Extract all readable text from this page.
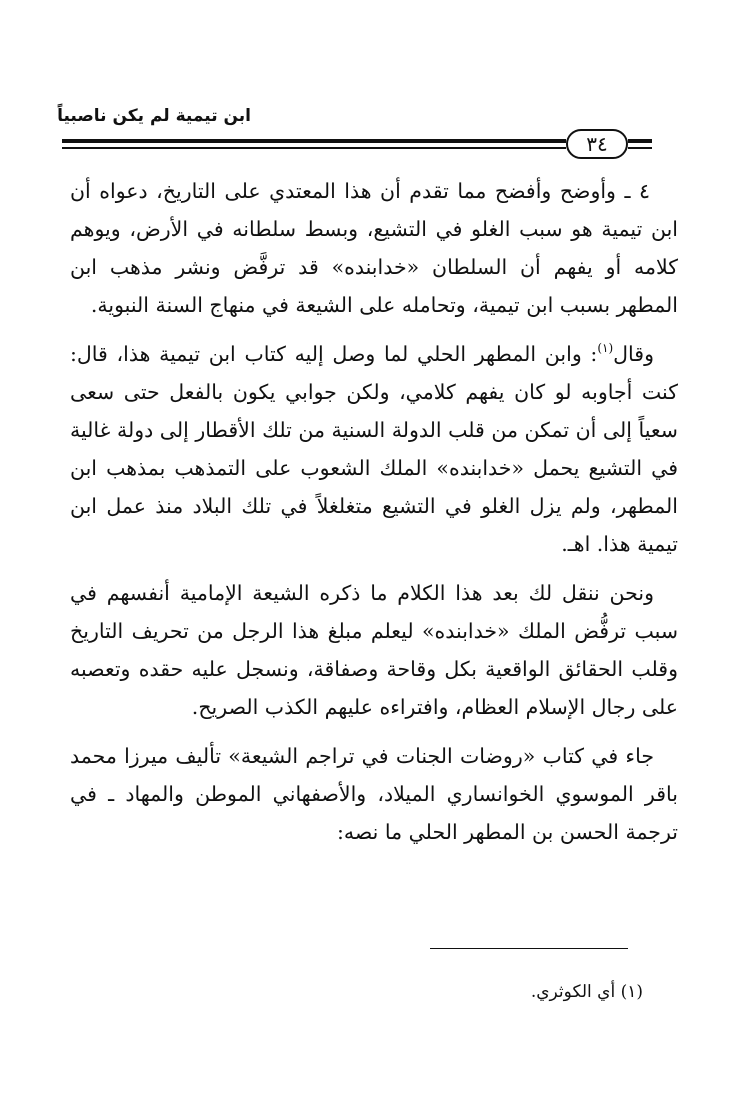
ابن تيمية لم يكن ناصبياً
٣٤

٤ ـ وأوضح وأفضح مما تقدم أن هذا المعتدي على التاريخ، دعواه أن ابن تيمية هو سبب الغلو في التشيع، وبسط سلطانه في الأرض، ويوهم كلامه أو يفهم أن السلطان «خدابنده» قد ترفَّض ونشر مذهب ابن المطهر بسبب ابن تيمية، وتحامله على الشيعة في منهاج السنة النبوية.

وقال$^{(١)}$: وابن المطهر الحلي لما وصل إليه كتاب ابن تيمية هذا، قال: كنت أجاوبه لو كان يفهم كلامي، ولكن جوابي يكون بالفعل حتى سعى سعياً إلى أن تمكن من قلب الدولة السنية من تلك الأقطار إلى دولة غالية في التشيع يحمل «خدابنده» الملك الشعوب على التمذهب بمذهب ابن المطهر، ولم يزل الغلو في التشيع متغلغلاً في تلك البلاد منذ عمل ابن تيمية هذا. اهـ.

ونحن ننقل لك بعد هذا الكلام ما ذكره الشيعة الإمامية أنفسهم في سبب ترفُّض الملك «خدابنده» ليعلم مبلغ هذا الرجل من تحريف التاريخ وقلب الحقائق الواقعية بكل وقاحة وصفاقة، ونسجل عليه حقده وتعصبه على رجال الإسلام العظام، وافتراءه عليهم الكذب الصريح.

جاء في كتاب «روضات الجنات في تراجم الشيعة» تأليف ميرزا محمد باقر الموسوي الخوانساري الميلاد، والأصفهاني الموطن والمهاد ـ في ترجمة الحسن بن المطهر الحلي ما نصه:

(١) أي الكوثري.
